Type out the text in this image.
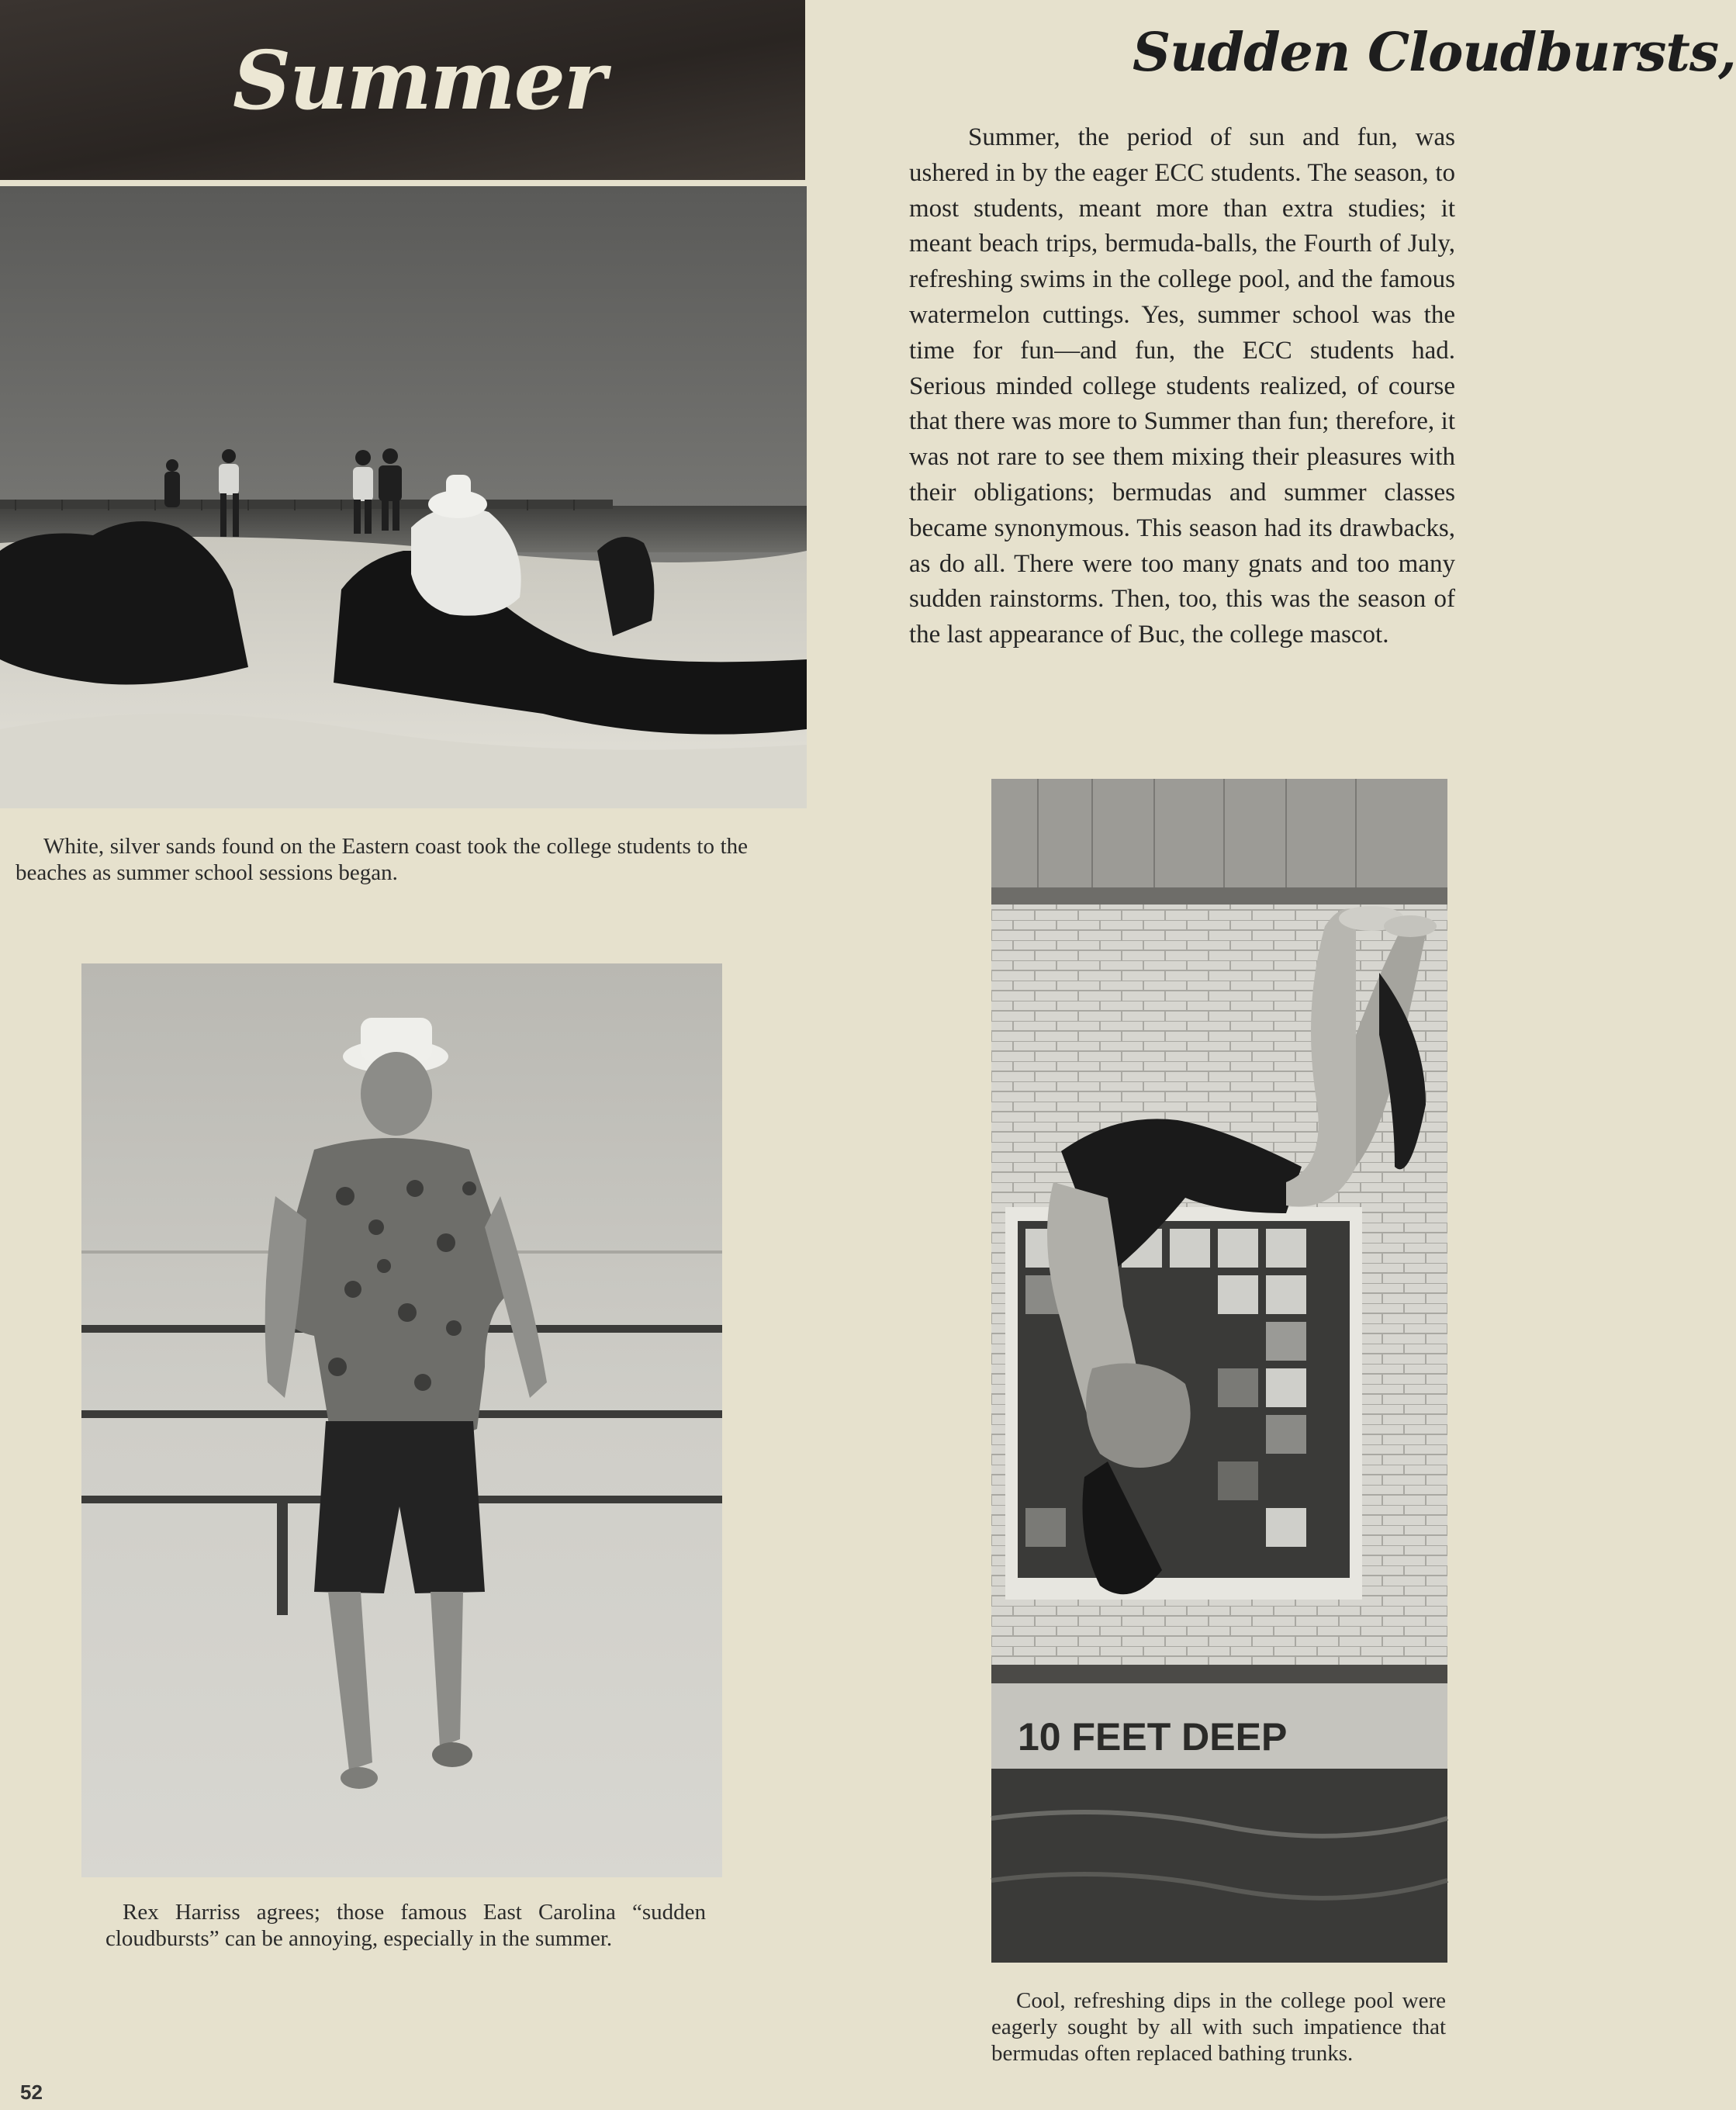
Summer	Sudden Cloudbursts,

Summer, the period of sun and fun, was ushered in by the eager ECC students. The season, to most students, meant more than extra studies; it meant beach trips, bermuda-balls, the Fourth of July, refreshing swims in the college pool, and the famous watermelon cuttings. Yes, summer school was the time for fun—and fun, the ECC students had. Serious minded college students realized, of course that there was more to Summer than fun; therefore, it was not rare to see them mixing their pleasures with their obligations; bermudas and summer classes became synonymous. This season had its drawbacks, as do all. There were too many gnats and too many sudden rainstorms. Then, too, this was the season of the last appearance of Buc, the college mascot.

White, silver sands found on the Eastern coast took the college students to the beaches as summer school sessions began.

Rex Harriss agrees; those famous East Carolina “sudden cloudbursts” can be annoying, especially in the summer.

10 FEET DEEP

Cool, refreshing dips in the college pool were eagerly sought by all with such impatience that bermudas often replaced bathing trunks.

52
